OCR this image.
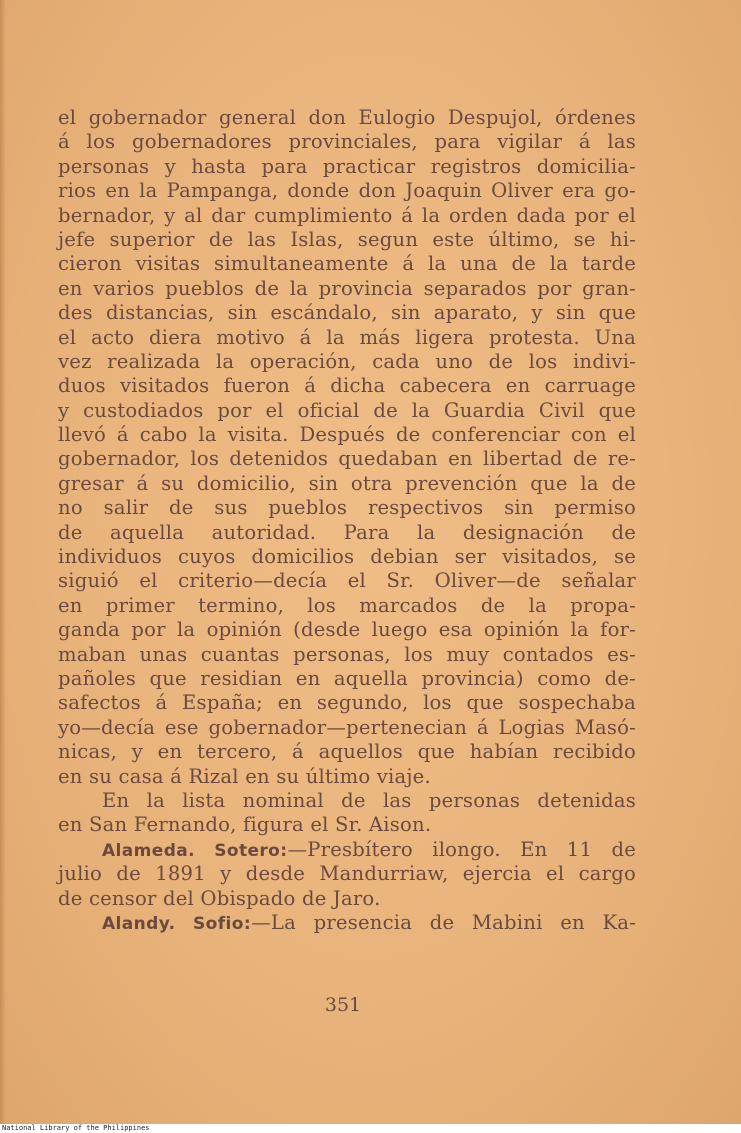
el gobernador general don Eulogio Despujol, órdenes
á los gobernadores provinciales, para vigilar á las
personas y hasta para practicar registros domicilia-
rios en la Pampanga, donde don Joaquin Oliver era go-
bernador, y al dar cumplimiento á la orden dada por el
jefe superior de las Islas, segun este último, se hi-
cieron visitas simultaneamente á la una de la tarde
en varios pueblos de la provincia separados por gran-
des distancias, sin escándalo, sin aparato, y sin que
el acto diera motivo á la más ligera protesta. Una
vez realizada la operación, cada uno de los indivi-
duos visitados fueron á dicha cabecera en carruage
y custodiados por el oficial de la Guardia Civil que
llevó á cabo la visita. Después de conferenciar con el
gobernador, los detenidos quedaban en libertad de re-
gresar á su domicilio, sin otra prevención que la de
no salir de sus pueblos respectivos sin permiso
de aquella autoridad. Para la designación de
individuos cuyos domicilios debian ser visitados, se
siguió el criterio—decía el Sr. Oliver—de señalar
en primer termino, los marcados de la propa-
ganda por la opinión (desde luego esa opinión la for-
maban unas cuantas personas, los muy contados es-
pañoles que residian en aquella provincia) como de-
safectos á España; en segundo, los que sospechaba
yo—decía ese gobernador—pertenecian á Logias Masó-
nicas, y en tercero, á aquellos que habían recibido
en su casa á Rizal en su último viaje.
En la lista nominal de las personas detenidas
en San Fernando, figura el Sr. Aison.
Alameda. Sotero:—Presbítero ilongo. En 11 de
julio de 1891 y desde Mandurriaw, ejercia el cargo
de censor del Obispado de Jaro.
Alandy. Sofio:—La presencia de Mabini en Ka-
351
National Library of the Philippines
